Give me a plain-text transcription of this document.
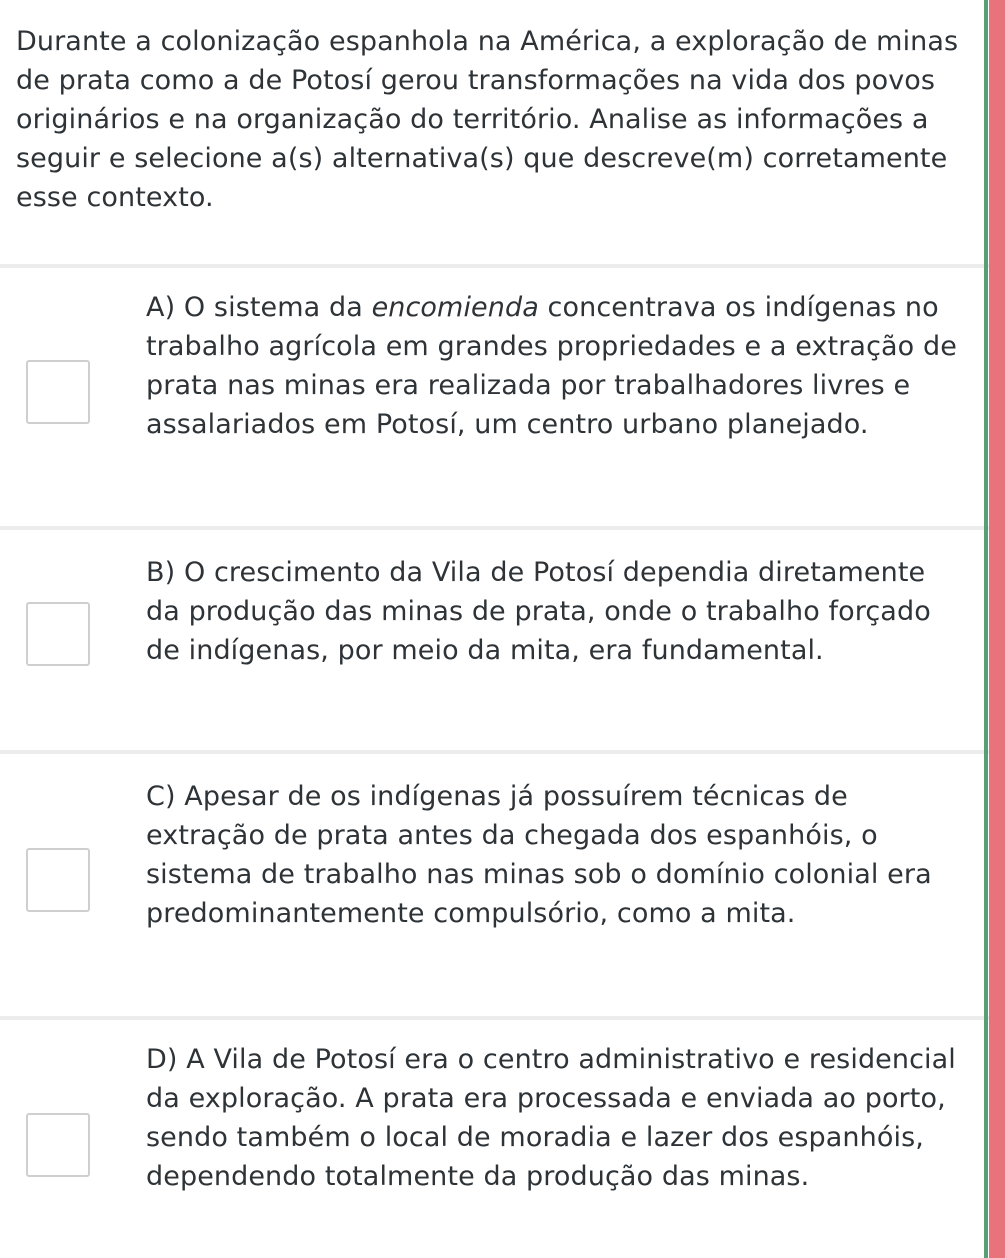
Durante a colonização espanhola na América, a exploração de minas de prata como a de Potosí gerou transformações na vida dos povos originários e na organização do território. Analise as informações a seguir e selecione a(s) alternativa(s) que descreve(m) corretamente esse contexto.

A) O sistema da encomienda concentrava os indígenas no trabalho agrícola em grandes propriedades e a extração de prata nas minas era realizada por trabalhadores livres e assalariados em Potosí, um centro urbano planejado.

B) O crescimento da Vila de Potosí dependia diretamente da produção das minas de prata, onde o trabalho forçado de indígenas, por meio da mita, era fundamental.

C) Apesar de os indígenas já possuírem técnicas de extração de prata antes da chegada dos espanhóis, o sistema de trabalho nas minas sob o domínio colonial era predominantemente compulsório, como a mita.

D) A Vila de Potosí era o centro administrativo e residencial da exploração. A prata era processada e enviada ao porto, sendo também o local de moradia e lazer dos espanhóis, dependendo totalmente da produção das minas.
